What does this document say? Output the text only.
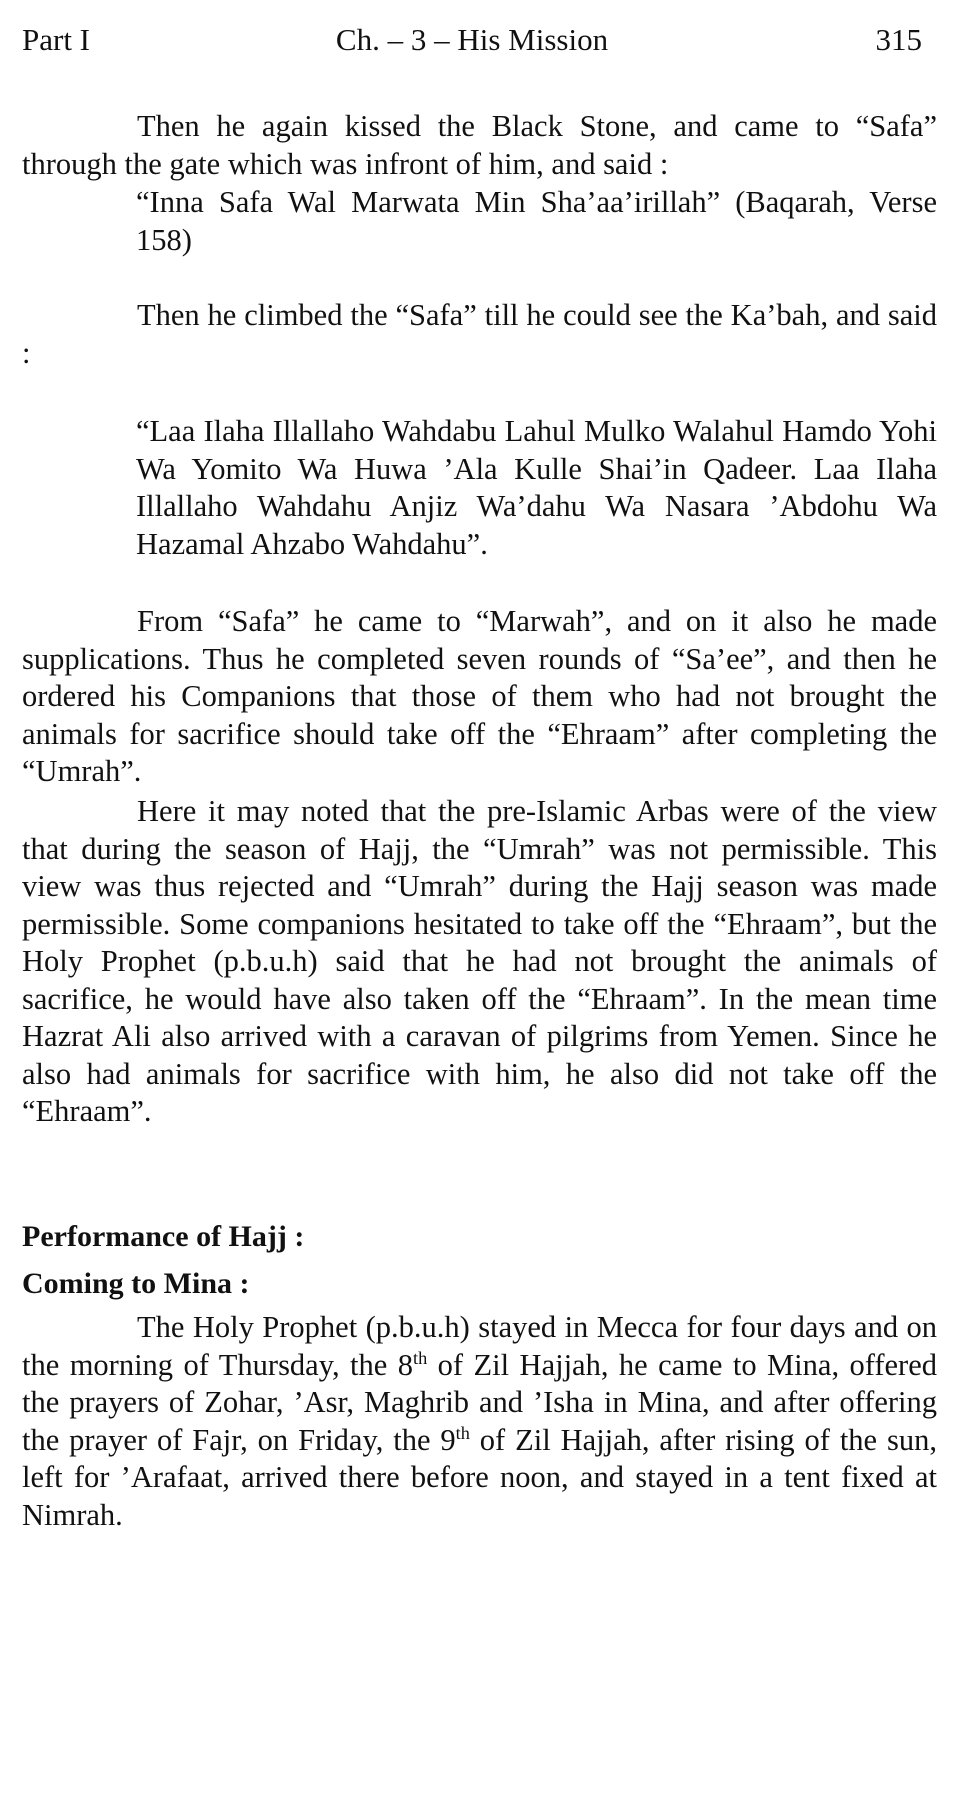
Part I	Ch. – 3 – His Mission	315

Then he again kissed the Black Stone, and came to “Safa” through the gate which was infront of him, and said :

“Inna Safa Wal Marwata Min Sha’aa’irillah” (Baqarah, Verse 158)

Then he climbed the “Safa” till he could see the Ka’bah, and said :

“Laa Ilaha Illallaho Wahdabu Lahul Mulko Walahul Hamdo Yohi Wa Yomito Wa Huwa ’Ala Kulle Shai’in Qadeer. Laa Ilaha Illallaho Wahdahu Anjiz Wa’dahu Wa Nasara ’Abdohu Wa Hazamal Ahzabo Wahdahu”.

From “Safa” he came to “Marwah”, and on it also he made supplications. Thus he completed seven rounds of “Sa’ee”, and then he ordered his Companions that those of them who had not brought the animals for sacrifice should take off the “Ehraam” after completing the “Umrah”.

Here it may noted that the pre-Islamic Arbas were of the view that during the season of Hajj, the “Umrah” was not permissible. This view was thus rejected and “Umrah” during the Hajj season was made permissible. Some companions hesitated to take off the “Ehraam”, but the Holy Prophet (p.b.u.h) said that he had not brought the animals of sacrifice, he would have also taken off the “Ehraam”. In the mean time Hazrat Ali also arrived with a caravan of pilgrims from Yemen. Since he also had animals for sacrifice with him, he also did not take off the “Ehraam”.

Performance of Hajj :
Coming to Mina :

The Holy Prophet (p.b.u.h) stayed in Mecca for four days and on the morning of Thursday, the 8th of Zil Hajjah, he came to Mina, offered the prayers of Zohar, ’Asr, Maghrib and ’Isha in Mina, and after offering the prayer of Fajr, on Friday, the 9th of Zil Hajjah, after rising of the sun, left for ’Arafaat, arrived there before noon, and stayed in a tent fixed at Nimrah.
